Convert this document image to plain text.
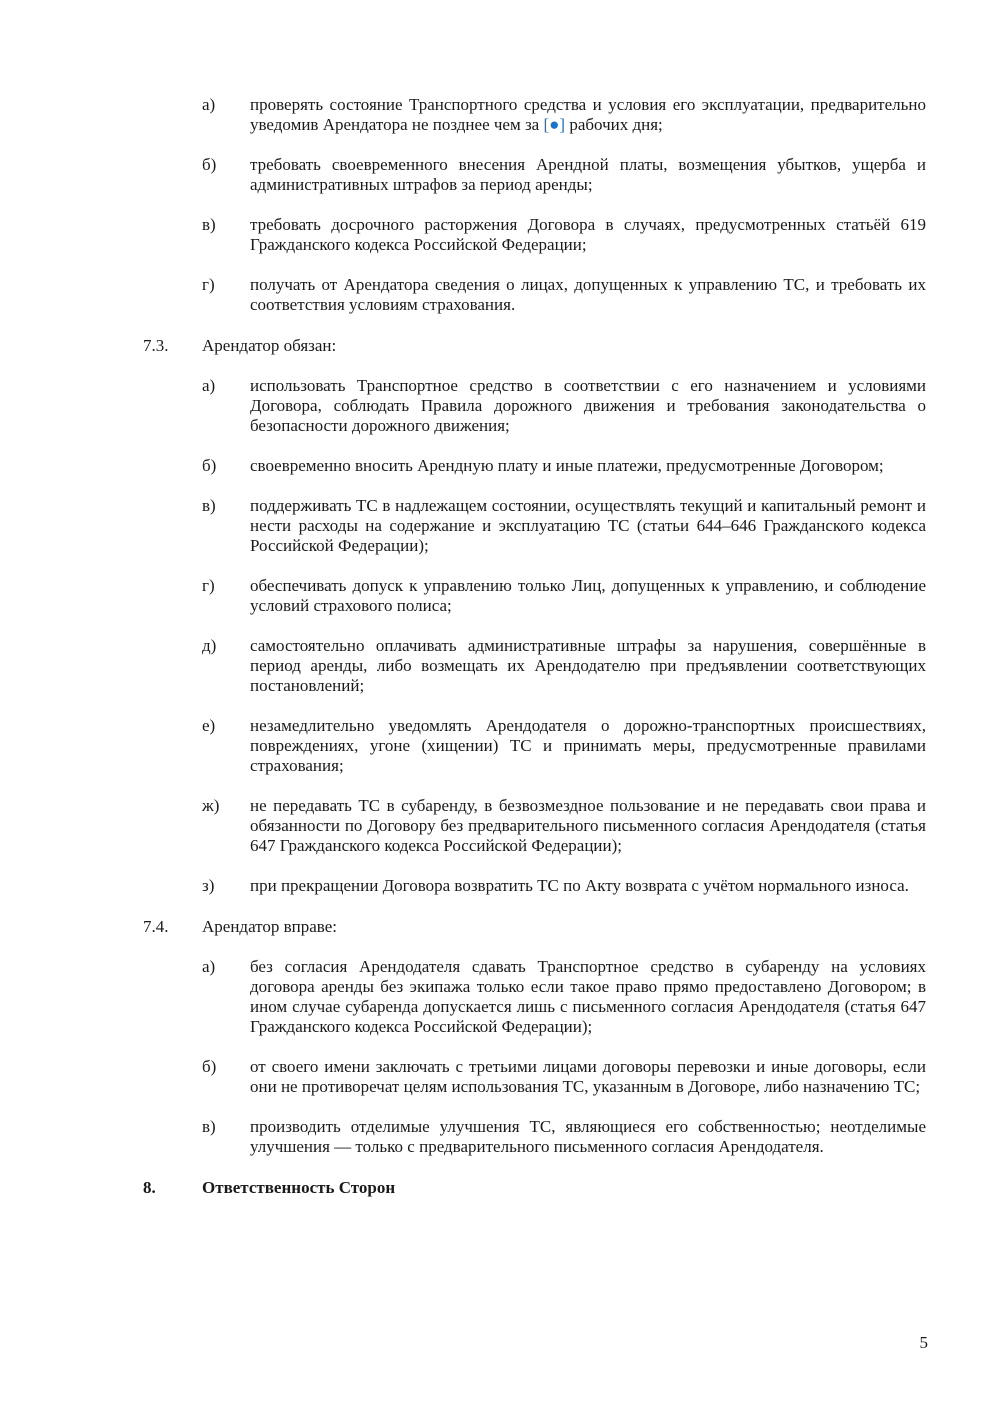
а) проверять состояние Транспортного средства и условия его эксплуатации, предварительно уведомив Арендатора не позднее чем за [●] рабочих дня;
б) требовать своевременного внесения Арендной платы, возмещения убытков, ущерба и административных штрафов за период аренды;
в) требовать досрочного расторжения Договора в случаях, предусмотренных статьёй 619 Гражданского кодекса Российской Федерации;
г) получать от Арендатора сведения о лицах, допущенных к управлению ТС, и требовать их соответствия условиям страхования.
7.3. Арендатор обязан:
а) использовать Транспортное средство в соответствии с его назначением и условиями Договора, соблюдать Правила дорожного движения и требования законодательства о безопасности дорожного движения;
б) своевременно вносить Арендную плату и иные платежи, предусмотренные Договором;
в) поддерживать ТС в надлежащем состоянии, осуществлять текущий и капитальный ремонт и нести расходы на содержание и эксплуатацию ТС (статьи 644–646 Гражданского кодекса Российской Федерации);
г) обеспечивать допуск к управлению только Лиц, допущенных к управлению, и соблюдение условий страхового полиса;
д) самостоятельно оплачивать административные штрафы за нарушения, совершённые в период аренды, либо возмещать их Арендодателю при предъявлении соответствующих постановлений;
е) незамедлительно уведомлять Арендодателя о дорожно-транспортных происшествиях, повреждениях, угоне (хищении) ТС и принимать меры, предусмотренные правилами страхования;
ж) не передавать ТС в субаренду, в безвозмездное пользование и не передавать свои права и обязанности по Договору без предварительного письменного согласия Арендодателя (статья 647 Гражданского кодекса Российской Федерации);
з) при прекращении Договора возвратить ТС по Акту возврата с учётом нормального износа.
7.4. Арендатор вправе:
а) без согласия Арендодателя сдавать Транспортное средство в субаренду на условиях договора аренды без экипажа только если такое право прямо предоставлено Договором; в ином случае субаренда допускается лишь с письменного согласия Арендодателя (статья 647 Гражданского кодекса Российской Федерации);
б) от своего имени заключать с третьими лицами договоры перевозки и иные договоры, если они не противоречат целям использования ТС, указанным в Договоре, либо назначению ТС;
в) производить отделимые улучшения ТС, являющиеся его собственностью; неотделимые улучшения — только с предварительного письменного согласия Арендодателя.
8.	Ответственность Сторон
5
